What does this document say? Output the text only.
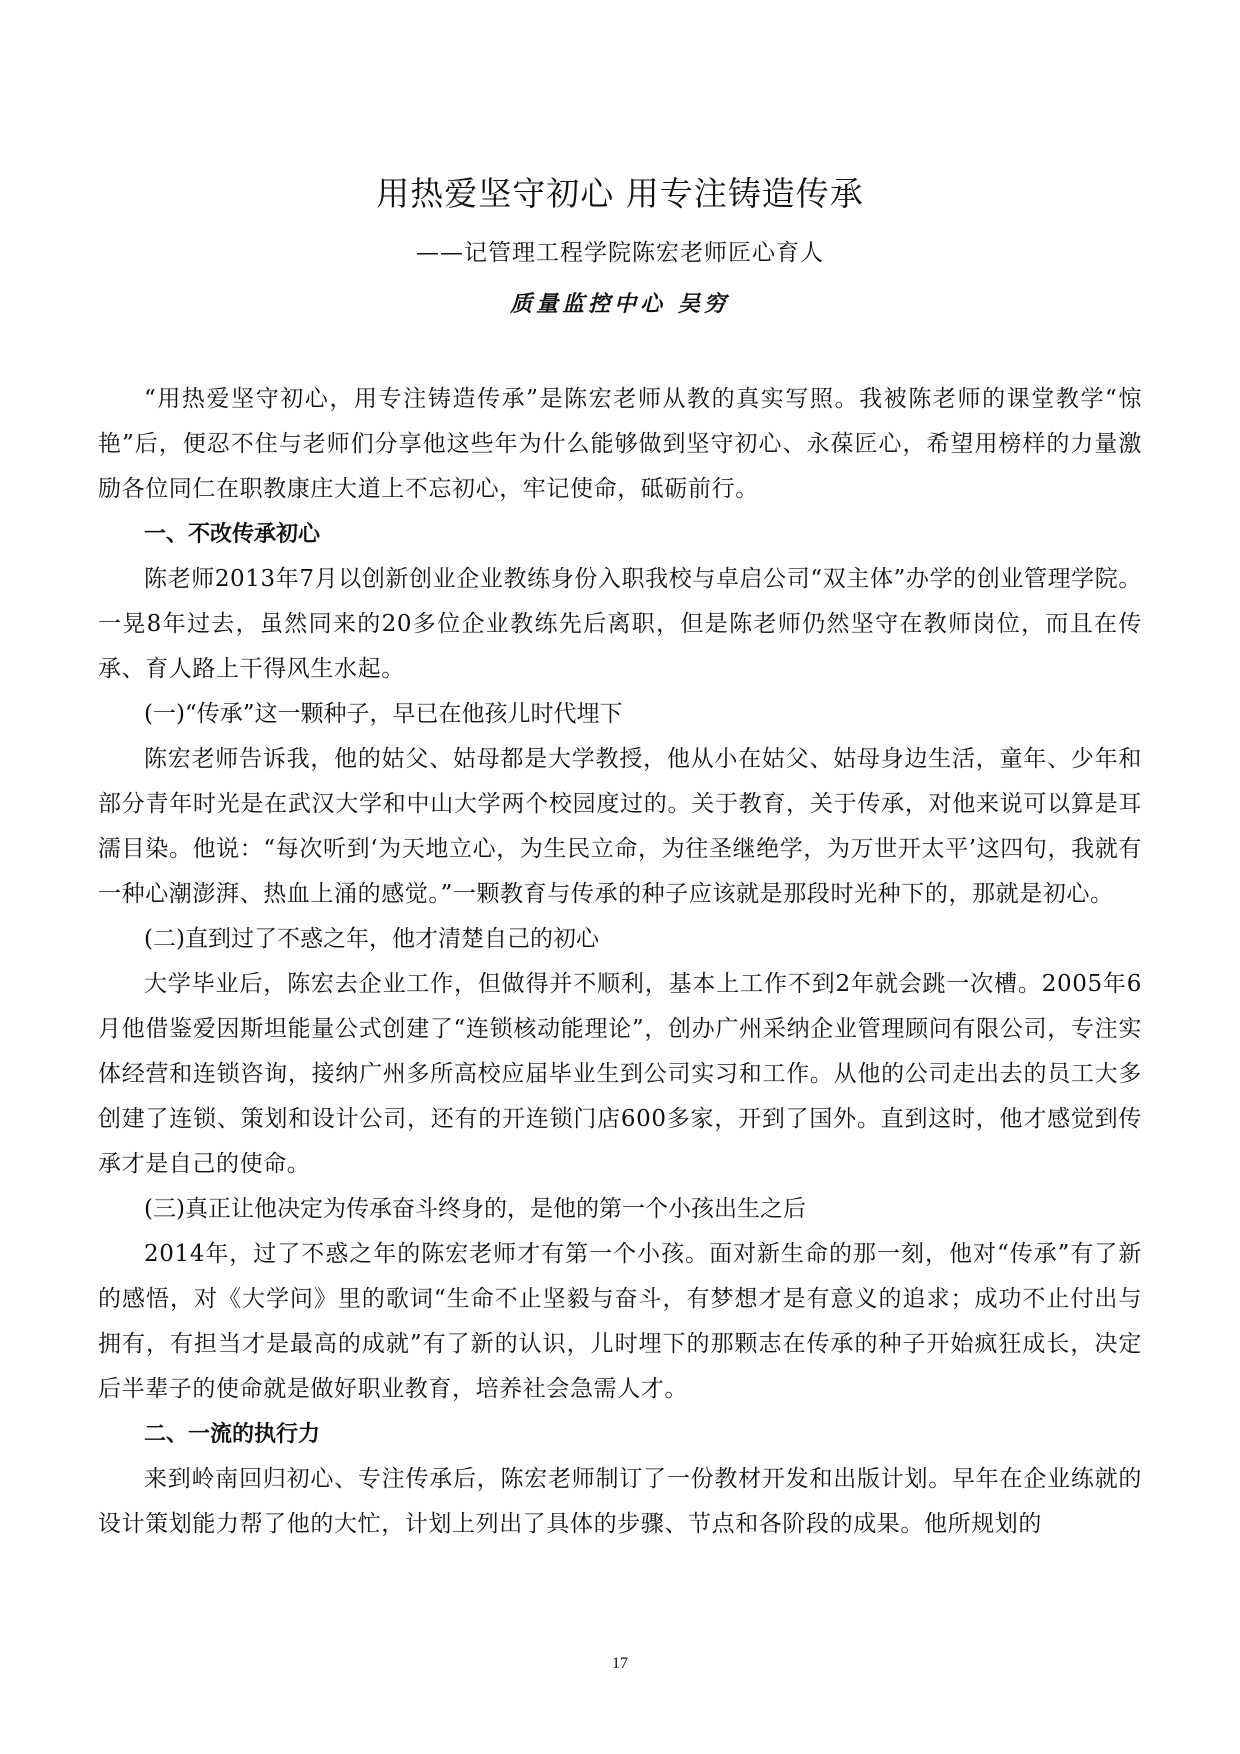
用热爱坚守初心 用专注铸造传承
——记管理工程学院陈宏老师匠心育人
质量监控中心 吴穷

“用热爱坚守初心，用专注铸造传承”是陈宏老师从教的真实写照。我被陈老师的课堂教学“惊艳”后，便忍不住与老师们分享他这些年为什么能够做到坚守初心、永葆匠心，希望用榜样的力量激励各位同仁在职教康庄大道上不忘初心，牢记使命，砥砺前行。

一、不改传承初心

陈老师2013年7月以创新创业企业教练身份入职我校与卓启公司“双主体”办学的创业管理学院。一晃8年过去，虽然同来的20多位企业教练先后离职，但是陈老师仍然坚守在教师岗位，而且在传承、育人路上干得风生水起。

(一)“传承”这一颗种子，早已在他孩儿时代埋下

陈宏老师告诉我，他的姑父、姑母都是大学教授，他从小在姑父、姑母身边生活，童年、少年和部分青年时光是在武汉大学和中山大学两个校园度过的。关于教育，关于传承，对他来说可以算是耳濡目染。他说：“每次听到‘为天地立心，为生民立命，为往圣继绝学，为万世开太平’这四句，我就有一种心潮澎湃、热血上涌的感觉。”一颗教育与传承的种子应该就是那段时光种下的，那就是初心。

(二)直到过了不惑之年，他才清楚自己的初心

大学毕业后，陈宏去企业工作，但做得并不顺利，基本上工作不到2年就会跳一次槽。2005年6月他借鉴爱因斯坦能量公式创建了“连锁核动能理论”，创办广州采纳企业管理顾问有限公司，专注实体经营和连锁咨询，接纳广州多所高校应届毕业生到公司实习和工作。从他的公司走出去的员工大多创建了连锁、策划和设计公司，还有的开连锁门店600多家，开到了国外。直到这时，他才感觉到传承才是自己的使命。

(三)真正让他决定为传承奋斗终身的，是他的第一个小孩出生之后

2014年，过了不惑之年的陈宏老师才有第一个小孩。面对新生命的那一刻，他对“传承”有了新的感悟，对《大学问》里的歌词“生命不止坚毅与奋斗，有梦想才是有意义的追求；成功不止付出与拥有，有担当才是最高的成就”有了新的认识，儿时埋下的那颗志在传承的种子开始疯狂成长，决定后半辈子的使命就是做好职业教育，培养社会急需人才。

二、一流的执行力

来到岭南回归初心、专注传承后，陈宏老师制订了一份教材开发和出版计划。早年在企业练就的设计策划能力帮了他的大忙，计划上列出了具体的步骤、节点和各阶段的成果。他所规划的

17
